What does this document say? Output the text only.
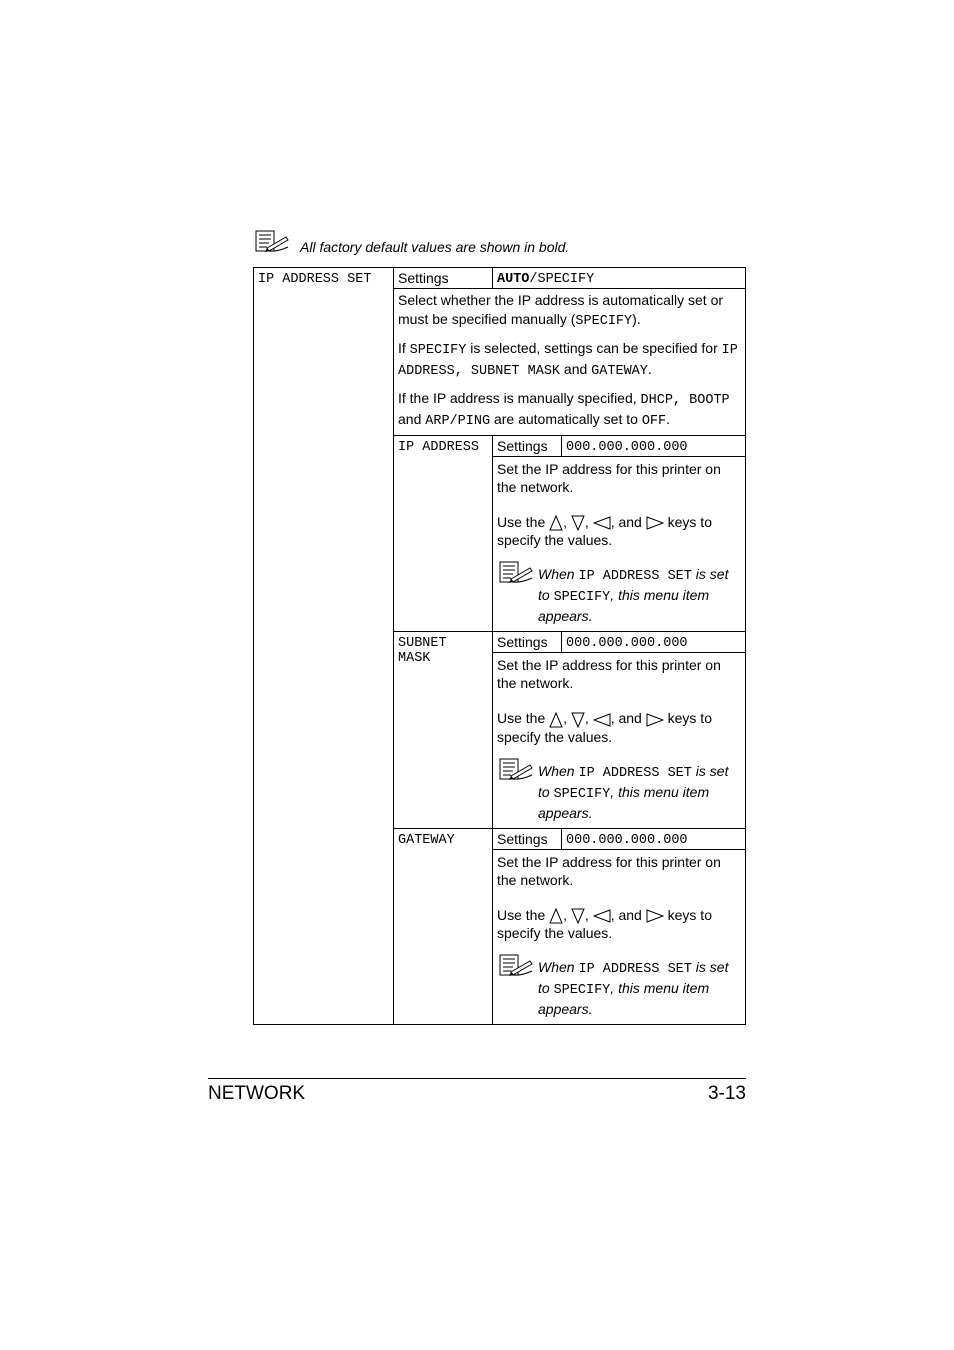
All factory default values are shown in bold.
IP ADDRESS SET	Settings	AUTO/SPECIFY	

	Select whether the IP address is automatically set or must be specified manually (SPECIFY).

If SPECIFY is selected, settings can be specified for IP ADDRESS, SUBNET MASK and GATEWAY.

If the IP address is manually specified, DHCP, BOOTP and ARP/PING are automatically set to OFF.		

	IP ADDRESS	Settings	000.000.000.000

		Set the IP address for this printer on the network.

Use the , , , and  keys to specify the values.

When IP ADDRESS SET is set to SPECIFY, this menu item appears.	

	SUBNET MASK	Settings	000.000.000.000

		Set the IP address for this printer on the network.

Use the , , , and  keys to specify the values.

When IP ADDRESS SET is set to SPECIFY, this menu item appears.	

	GATEWAY	Settings	000.000.000.000

		Set the IP address for this printer on the network.

Use the , , , and  keys to specify the values.

When IP ADDRESS SET is set to SPECIFY, this menu item appears.	
NETWORK	3-13
